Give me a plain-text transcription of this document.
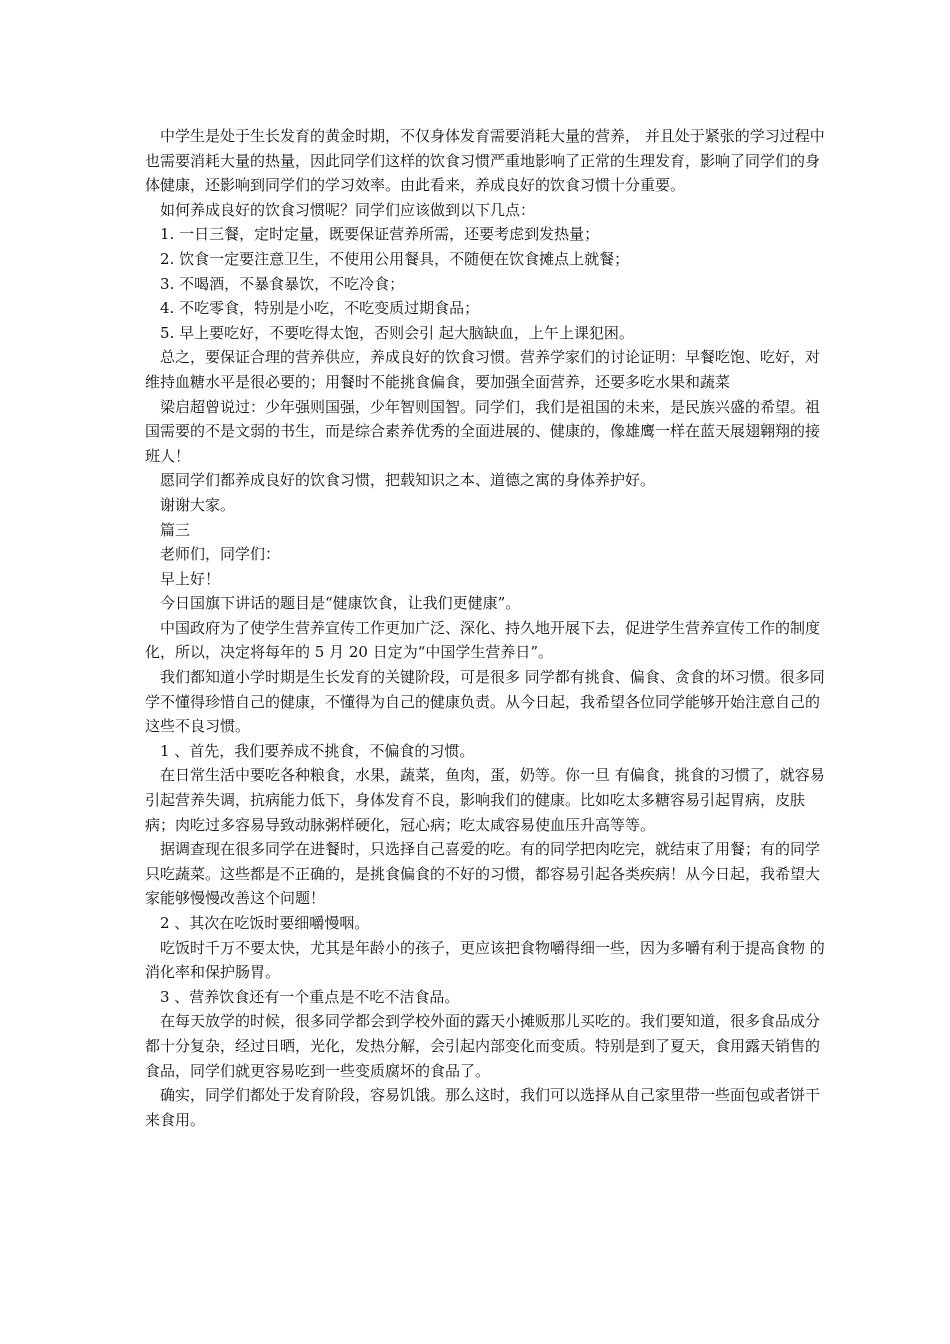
中学生是处于生长发育的黄金时期，不仅身体发育需要消耗大量的营养， 并且处于紧张的学习过程中也需要消耗大量的热量，因此同学们这样的饮食习惯严重地影响了正常的生理发育，影响了同学们的身体健康，还影响到同学们的学习效率。由此看来，养成良好的饮食习惯十分重要。

如何养成良好的饮食习惯呢？同学们应该做到以下几点：

1. 一日三餐，定时定量，既要保证营养所需，还要考虑到发热量；

2. 饮食一定要注意卫生，不使用公用餐具，不随便在饮食摊点上就餐；

3. 不喝酒，不暴食暴饮，不吃冷食；

4. 不吃零食，特别是小吃，不吃变质过期食品；

5. 早上要吃好，不要吃得太饱，否则会引 起大脑缺血，上午上课犯困。

总之，要保证合理的营养供应，养成良好的饮食习惯。营养学家们的讨论证明：早餐吃饱、吃好，对维持血糖水平是很必要的；用餐时不能挑食偏食，要加强全面营养，还要多吃水果和蔬菜

梁启超曾说过：少年强则国强，少年智则国智。同学们，我们是祖国的未来，是民族兴盛的希望。祖国需要的不是文弱的书生，而是综合素养优秀的全面进展的、健康的，像雄鹰一样在蓝天展翅翱翔的接班人！

愿同学们都养成良好的饮食习惯，把载知识之本、道德之寓的身体养护好。

谢谢大家。

篇三

老师们，同学们：

早上好！

今日国旗下讲话的题目是“健康饮食，让我们更健康”。

中国政府为了使学生营养宣传工作更加广泛、深化、持久地开展下去，促进学生营养宣传工作的制度化，所以，决定将每年的 5 月 20 日定为“中国学生营养日”。

我们都知道小学时期是生长发育的关键阶段，可是很多 同学都有挑食、偏食、贪食的坏习惯。很多同学不懂得珍惜自己的健康，不懂得为自己的健康负责。从今日起，我希望各位同学能够开始注意自己的这些不良习惯。

1 、首先，我们要养成不挑食，不偏食的习惯。

在日常生活中要吃各种粮食，水果，蔬菜，鱼肉，蛋，奶等。你一旦 有偏食，挑食的习惯了，就容易引起营养失调，抗病能力低下，身体发育不良，影响我们的健康。比如吃太多糖容易引起胃病，皮肤病；肉吃过多容易导致动脉粥样硬化，冠心病；吃太咸容易使血压升高等等。

据调查现在很多同学在进餐时，只选择自己喜爱的吃。有的同学把肉吃完，就结束了用餐；有的同学只吃蔬菜。这些都是不正确的，是挑食偏食的不好的习惯，都容易引起各类疾病！从今日起，我希望大家能够慢慢改善这个问题！

2 、其次在吃饭时要细嚼慢咽。

吃饭时千万不要太快，尤其是年龄小的孩子，更应该把食物嚼得细一些，因为多嚼有利于提高食物 的消化率和保护肠胃。

3 、营养饮食还有一个重点是不吃不洁食品。

在每天放学的时候，很多同学都会到学校外面的露天小摊贩那儿买吃的。我们要知道，很多食品成分都十分复杂，经过日晒，光化，发热分解，会引起内部变化而变质。特别是到了夏天，食用露天销售的食品，同学们就更容易吃到一些变质腐坏的食品了。

确实，同学们都处于发育阶段，容易饥饿。那么这时，我们可以选择从自己家里带一些面包或者饼干来食用。
